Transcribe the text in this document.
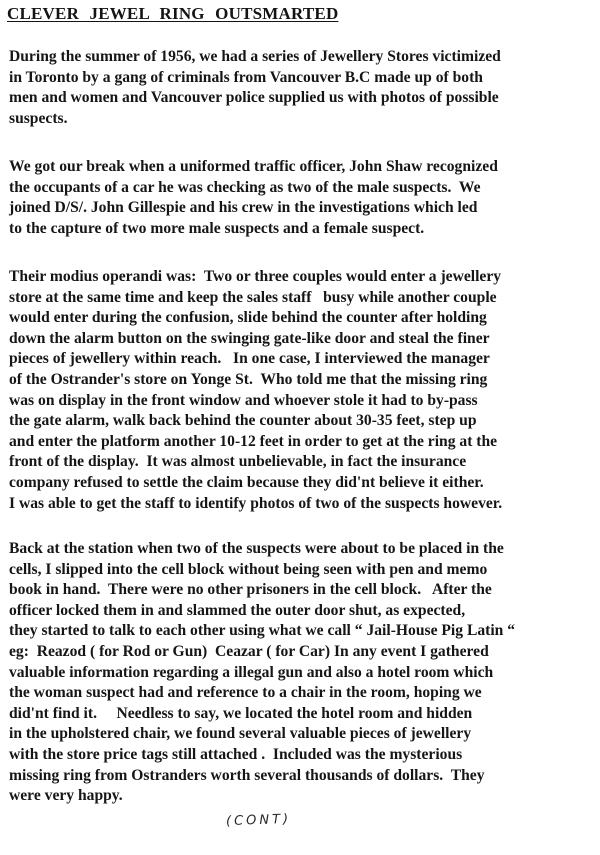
CLEVER JEWEL RING OUTSMARTED
During the summer of 1956, we had a series of Jewellery Stores victimized
in Toronto by a gang of criminals from Vancouver B.C made up of both
men and women and Vancouver police supplied us with photos of possible
suspects.
We got our break when a uniformed traffic officer, John Shaw recognized
the occupants of a car he was checking as two of the male suspects.  We
joined D/S/. John Gillespie and his crew in the investigations which led
to the capture of two more male suspects and a female suspect.
Their modius operandi was:  Two or three couples would enter a jewellery
store at the same time and keep the sales staff   busy while another couple
would enter during the confusion, slide behind the counter after holding
down the alarm button on the swinging gate-like door and steal the finer
pieces of jewellery within reach.   In one case, I interviewed the manager
of the Ostrander's store on Yonge St.  Who told me that the missing ring
was on display in the front window and whoever stole it had to by-pass
the gate alarm, walk back behind the counter about 30-35 feet, step up
and enter the platform another 10-12 feet in order to get at the ring at the
front of the display.  It was almost unbelievable, in fact the insurance
company refused to settle the claim because they did'nt believe it either.
I was able to get the staff to identify photos of two of the suspects however.
Back at the station when two of the suspects were about to be placed in the
cells, I slipped into the cell block without being seen with pen and memo
book in hand.  There were no other prisoners in the cell block.   After the
officer locked them in and slammed the outer door shut, as expected,
they started to talk to each other using what we call “ Jail-House Pig Latin “
eg:  Reazod ( for Rod or Gun)  Ceazar ( for Car) In any event I gathered
valuable information regarding a illegal gun and also a hotel room which
the woman suspect had and reference to a chair in the room, hoping we
did'nt find it.     Needless to say, we located the hotel room and hidden
in the upholstered chair, we found several valuable pieces of jewellery
with the store price tags still attached .  Included was the mysterious
missing ring from Ostranders worth several thousands of dollars.  They
were very happy.
(CONT)
